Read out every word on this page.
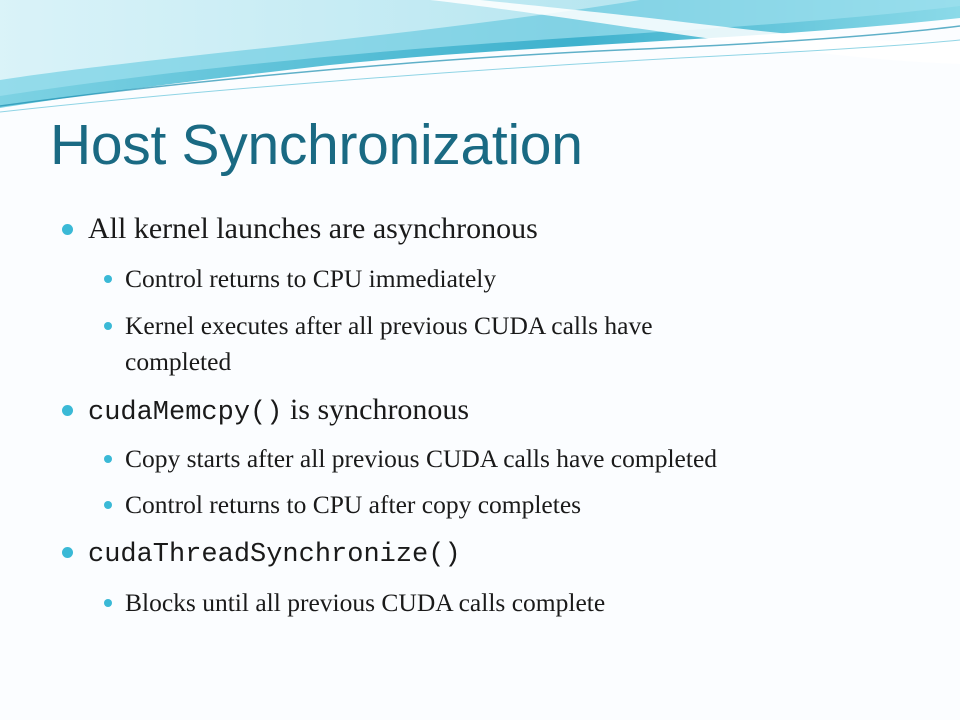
Host Synchronization
All kernel launches are asynchronous
Control returns to CPU immediately
Kernel executes after all previous CUDA calls have
completed
cudaMemcpy() is synchronous
Copy starts after all previous CUDA calls have completed
Control returns to CPU after copy completes
cudaThreadSynchronize()
Blocks until all previous CUDA calls complete
